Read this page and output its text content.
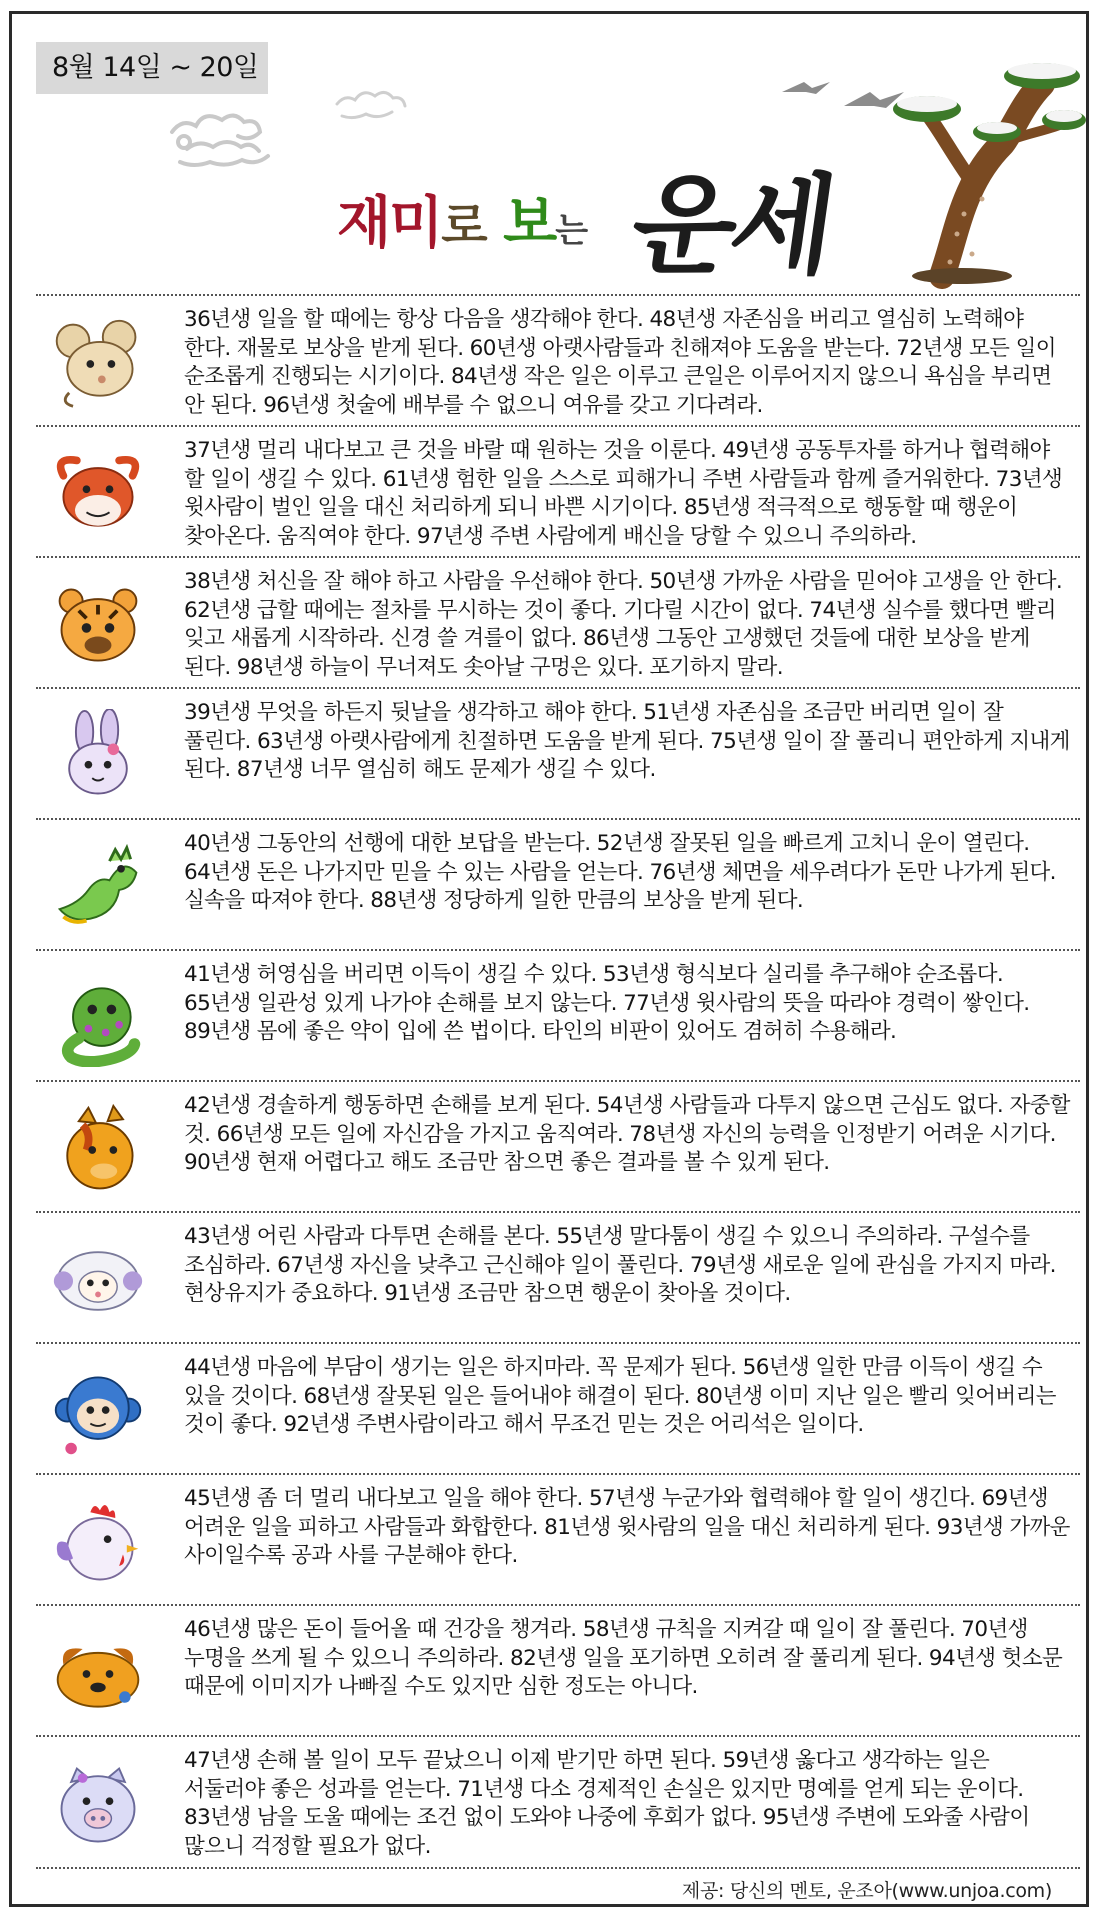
8월 14일 ~ 20일
재미로 보는 운세
36년생 일을 할 때에는 항상 다음을 생각해야 한다. 48년생 자존심을 버리고 열심히 노력해야 한다. 재물로 보상을 받게 된다. 60년생 아랫사람들과 친해져야 도움을 받는다. 72년생 모든 일이 순조롭게 진행되는 시기이다. 84년생 작은 일은 이루고 큰일은 이루어지지 않으니 욕심을 부리면 안 된다. 96년생 첫술에 배부를 수 없으니 여유를 갖고 기다려라.
37년생 멀리 내다보고 큰 것을 바랄 때 원하는 것을 이룬다. 49년생 공동투자를 하거나 협력해야 할 일이 생길 수 있다. 61년생 험한 일을 스스로 피해가니 주변 사람들과 함께 즐거워한다. 73년생 윗사람이 벌인 일을 대신 처리하게 되니 바쁜 시기이다. 85년생 적극적으로 행동할 때 행운이 찾아온다. 움직여야 한다. 97년생 주변 사람에게 배신을 당할 수 있으니 주의하라.
38년생 처신을 잘 해야 하고 사람을 우선해야 한다. 50년생 가까운 사람을 믿어야 고생을 안 한다. 62년생 급할 때에는 절차를 무시하는 것이 좋다. 기다릴 시간이 없다. 74년생 실수를 했다면 빨리 잊고 새롭게 시작하라. 신경 쓸 겨를이 없다. 86년생 그동안 고생했던 것들에 대한 보상을 받게 된다. 98년생 하늘이 무너져도 솟아날 구멍은 있다. 포기하지 말라.
39년생 무엇을 하든지 뒷날을 생각하고 해야 한다. 51년생 자존심을 조금만 버리면 일이 잘 풀린다. 63년생 아랫사람에게 친절하면 도움을 받게 된다. 75년생 일이 잘 풀리니 편안하게 지내게 된다. 87년생 너무 열심히 해도 문제가 생길 수 있다.
40년생 그동안의 선행에 대한 보답을 받는다. 52년생 잘못된 일을 빠르게 고치니 운이 열린다. 64년생 돈은 나가지만 믿을 수 있는 사람을 얻는다. 76년생 체면을 세우려다가 돈만 나가게 된다. 실속을 따져야 한다. 88년생 정당하게 일한 만큼의 보상을 받게 된다.
41년생 허영심을 버리면 이득이 생길 수 있다. 53년생 형식보다 실리를 추구해야 순조롭다. 65년생 일관성 있게 나가야 손해를 보지 않는다. 77년생 윗사람의 뜻을 따라야 경력이 쌓인다. 89년생 몸에 좋은 약이 입에 쓴 법이다. 타인의 비판이 있어도 겸허히 수용해라.
42년생 경솔하게 행동하면 손해를 보게 된다. 54년생 사람들과 다투지 않으면 근심도 없다. 자중할 것. 66년생 모든 일에 자신감을 가지고 움직여라. 78년생 자신의 능력을 인정받기 어려운 시기다. 90년생 현재 어렵다고 해도 조금만 참으면 좋은 결과를 볼 수 있게 된다.
43년생 어린 사람과 다투면 손해를 본다. 55년생 말다툼이 생길 수 있으니 주의하라. 구설수를 조심하라. 67년생 자신을 낮추고 근신해야 일이 풀린다. 79년생 새로운 일에 관심을 가지지 마라. 현상유지가 중요하다. 91년생 조금만 참으면 행운이 찾아올 것이다.
44년생 마음에 부담이 생기는 일은 하지마라. 꼭 문제가 된다. 56년생 일한 만큼 이득이 생길 수 있을 것이다. 68년생 잘못된 일은 들어내야 해결이 된다. 80년생 이미 지난 일은 빨리 잊어버리는 것이 좋다. 92년생 주변사람이라고 해서 무조건 믿는 것은 어리석은 일이다.
45년생 좀 더 멀리 내다보고 일을 해야 한다. 57년생 누군가와 협력해야 할 일이 생긴다. 69년생 어려운 일을 피하고 사람들과 화합한다. 81년생 윗사람의 일을 대신 처리하게 된다. 93년생 가까운 사이일수록 공과 사를 구분해야 한다.
46년생 많은 돈이 들어올 때 건강을 챙겨라. 58년생 규칙을 지켜갈 때 일이 잘 풀린다. 70년생 누명을 쓰게 될 수 있으니 주의하라. 82년생 일을 포기하면 오히려 잘 풀리게 된다. 94년생 헛소문 때문에 이미지가 나빠질 수도 있지만 심한 정도는 아니다.
47년생 손해 볼 일이 모두 끝났으니 이제 받기만 하면 된다. 59년생 옳다고 생각하는 일은 서둘러야 좋은 성과를 얻는다. 71년생 다소 경제적인 손실은 있지만 명예를 얻게 되는 운이다. 83년생 남을 도울 때에는 조건 없이 도와야 나중에 후회가 없다. 95년생 주변에 도와줄 사람이 많으니 걱정할 필요가 없다.
제공: 당신의 멘토, 운조아(www.unjoa.com)
